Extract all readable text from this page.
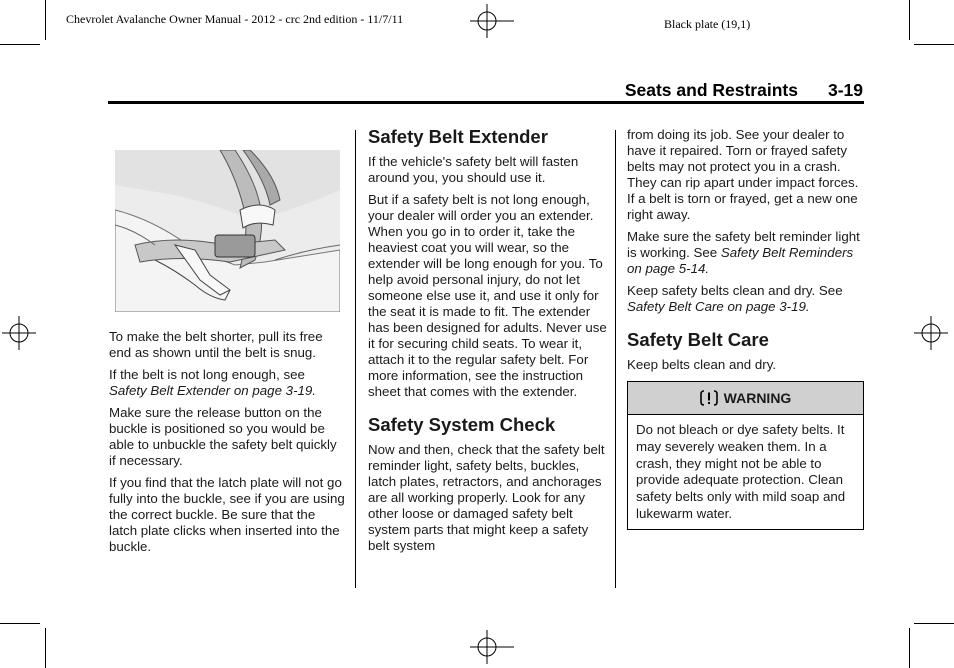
Chevrolet Avalanche Owner Manual - 2012 - crc 2nd edition - 11/7/11	Black plate (19,1)
Seats and Restraints 3-19

To make the belt shorter, pull its free end as shown until the belt is snug.

If the belt is not long enough, see Safety Belt Extender on page 3-19.

Make sure the release button on the buckle is positioned so you would be able to unbuckle the safety belt quickly if necessary.

If you find that the latch plate will not go fully into the buckle, see if you are using the correct buckle. Be sure that the latch plate clicks when inserted into the buckle.

Safety Belt Extender

If the vehicle's safety belt will fasten around you, you should use it.

But if a safety belt is not long enough, your dealer will order you an extender. When you go in to order it, take the heaviest coat you will wear, so the extender will be long enough for you. To help avoid personal injury, do not let someone else use it, and use it only for the seat it is made to fit. The extender has been designed for adults. Never use it for securing child seats. To wear it, attach it to the regular safety belt. For more information, see the instruction sheet that comes with the extender.

Safety System Check

Now and then, check that the safety belt reminder light, safety belts, buckles, latch plates, retractors, and anchorages are all working properly. Look for any other loose or damaged safety belt system parts that might keep a safety belt system

from doing its job. See your dealer to have it repaired. Torn or frayed safety belts may not protect you in a crash. They can rip apart under impact forces. If a belt is torn or frayed, get a new one right away.

Make sure the safety belt reminder light is working. See Safety Belt Reminders on page 5-14.

Keep safety belts clean and dry. See Safety Belt Care on page 3-19.

Safety Belt Care

Keep belts clean and dry.

WARNING
Do not bleach or dye safety belts. It may severely weaken them. In a crash, they might not be able to provide adequate protection. Clean safety belts only with mild soap and lukewarm water.
